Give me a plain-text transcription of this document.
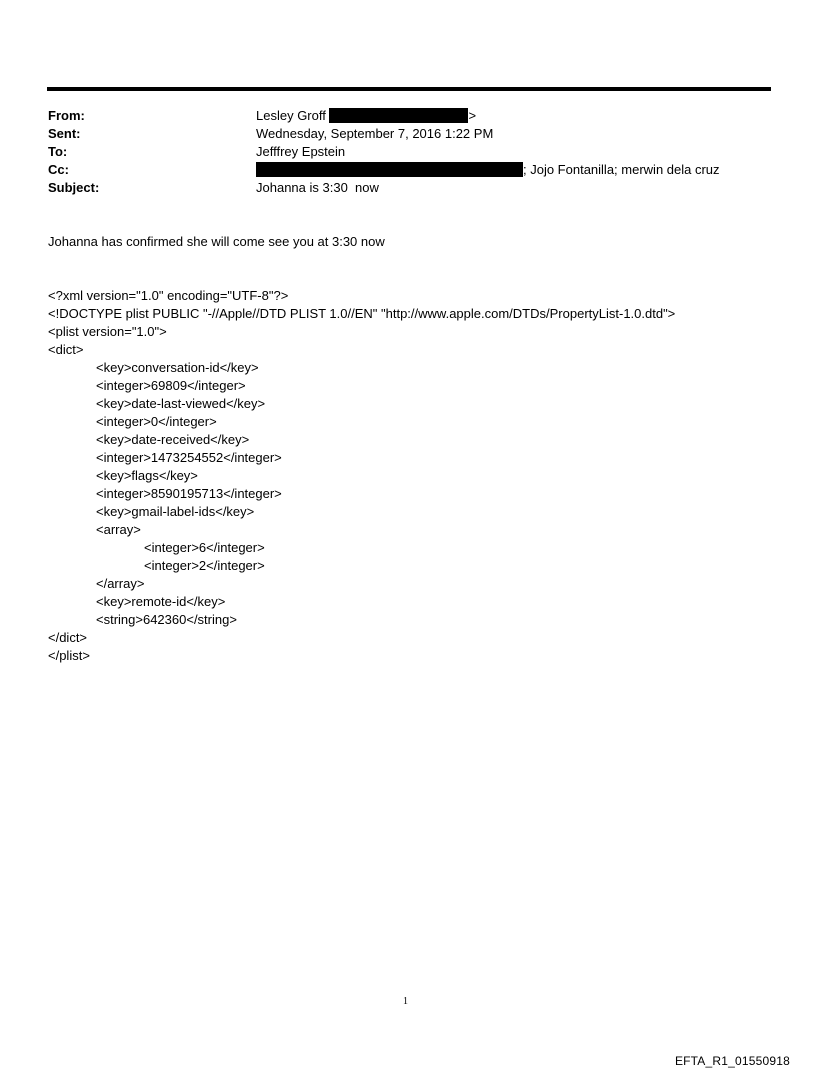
From:	Lesley Groff	>
Sent:	Wednesday, September 7, 2016 1:22 PM
To:	Jefffrey Epstein
Cc:	; Jojo Fontanilla; merwin dela cruz
Subject:	Johanna is 3:30  now
Johanna has confirmed she will come see you at 3:30 now
<?xml version="1.0" encoding="UTF-8"?>
<!DOCTYPE plist PUBLIC "-//Apple//DTD PLIST 1.0//EN" "http://www.apple.com/DTDs/PropertyList-1.0.dtd">
<plist version="1.0">
<dict>
<key>conversation-id</key>
<integer>69809</integer>
<key>date-last-viewed</key>
<integer>0</integer>
<key>date-received</key>
<integer>1473254552</integer>
<key>flags</key>
<integer>8590195713</integer>
<key>gmail-label-ids</key>
<array>
<integer>6</integer>
<integer>2</integer>
</array>
<key>remote-id</key>
<string>642360</string>
</dict>
</plist>
1
EFTA_R1_01550918
